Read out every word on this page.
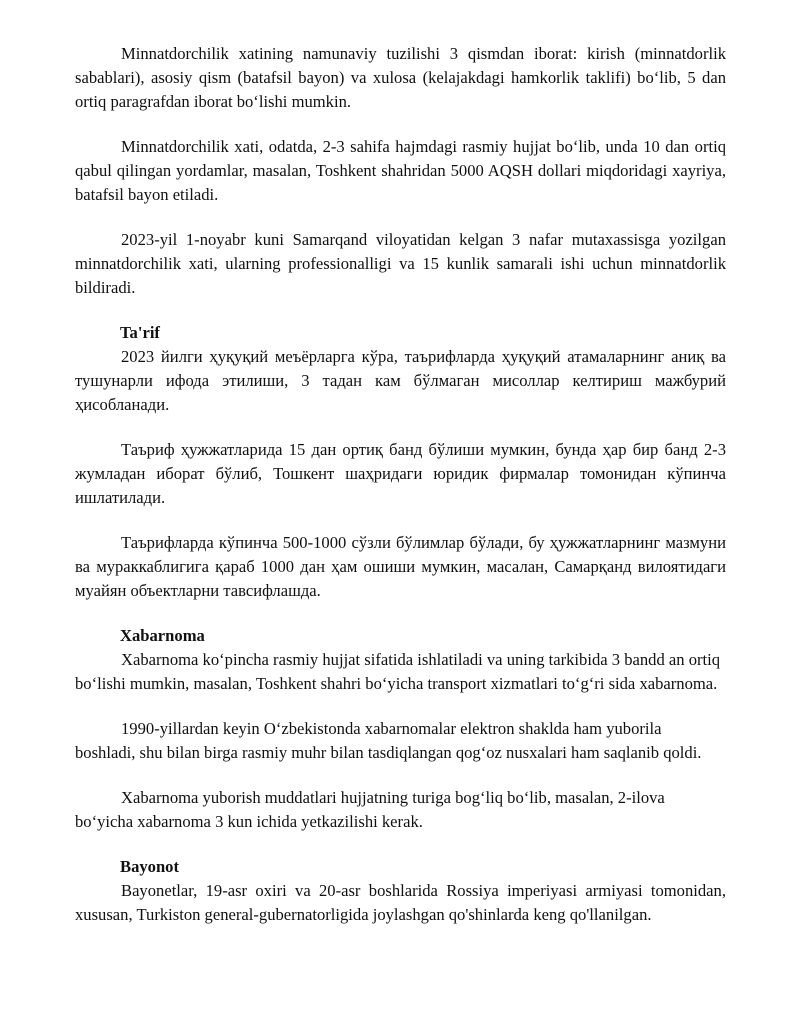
Minnatdorchilik xatining namunaviy tuzilishi 3 qismdan iborat: kirish (minnatdorlik sabablari), asosiy qism (batafsil bayon) va xulosa (kelajakdagi hamkorlik taklifi) bo‘lib, 5 dan ortiq paragrafdan iborat bo‘lishi mumkin.

Minnatdorchilik xati, odatda, 2-3 sahifa hajmdagi rasmiy hujjat bo‘lib, unda 10 dan ortiq qabul qilingan yordamlar, masalan, Toshkent shahridan 5000 AQSH dollari miqdoridagi xayriya, batafsil bayon etiladi.

2023-yil 1-noyabr kuni Samarqand viloyatidan kelgan 3 nafar mutaxassisga yozilgan minnatdorchilik xati, ularning professionalligi va 15 kunlik samarali ishi uchun minnatdorlik bildiradi.

Ta'rif

2023 йилги ҳуқуқий меъёрларга кўра, таърифларда ҳуқуқий атамаларнинг аниқ ва тушунарли ифода этилиши, 3 тадан кам бўлмаган мисоллар келтириш мажбурий ҳисобланади.

Таъриф ҳужжатларида 15 дан ортиқ банд бўлиши мумкин, бунда ҳар бир банд 2-3 жумладан иборат бўлиб, Тошкент шаҳридаги юридик фирмалар томонидан кўпинча ишлатилади.

Таърифларда кўпинча 500-1000 сўзли бўлимлар бўлади, бу ҳужжатларнинг мазмуни ва мураккаблигига қараб 1000 дан ҳам ошиши мумкин, масалан, Самарқанд вилоятидаги муайян объектларни тавсифлашда.

Xabarnoma

Xabarnoma ko‘pincha rasmiy hujjat sifatida ishlatiladi va uning tarkibida 3 bandd an ortiq bo‘lishi mumkin, masalan, Toshkent shahri bo‘yicha transport xizmatlari to‘g‘ri sida xabarnoma.

1990-yillardan keyin O‘zbekistonda xabarnomalar elektron shaklda ham yuborila boshladi, shu bilan birga rasmiy muhr bilan tasdiqlangan qog‘oz nusxalari ham saqlanib qoldi.

Xabarnoma yuborish muddatlari hujjatning turiga bog‘liq bo‘lib, masalan, 2-ilova bo‘yicha xabarnoma 3 kun ichida yetkazilishi kerak.

Bayonot

Bayonetlar, 19-asr oxiri va 20-asr boshlarida Rossiya imperiyasi armiyasi tomonidan, xususan, Turkiston general-gubernatorligida joylashgan qo'shinlarda keng qo'llanilgan.
